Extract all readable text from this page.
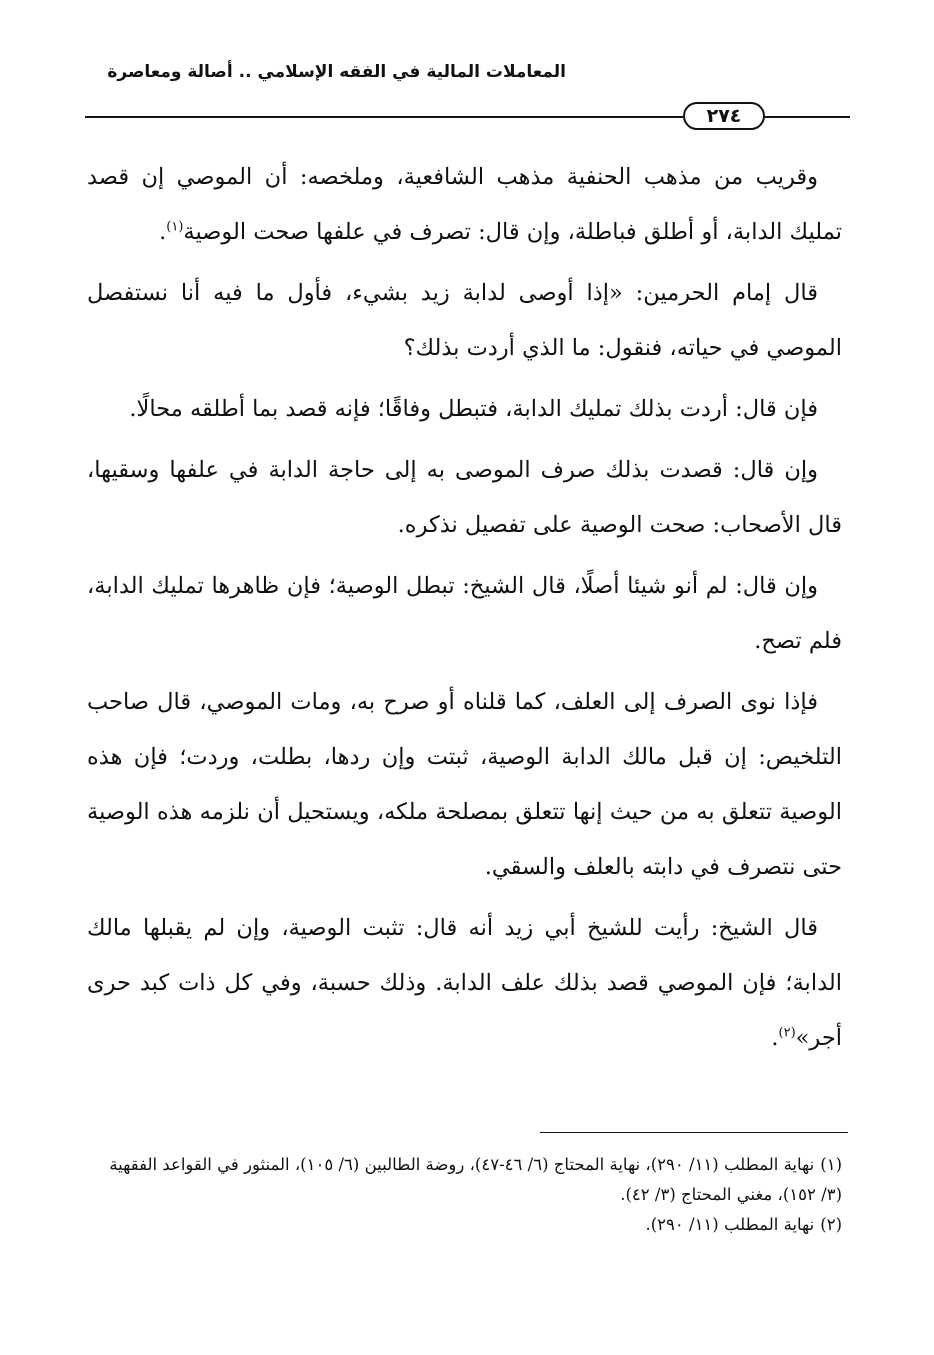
المعاملات المالية في الفقه الإسلامي .. أصالة ومعاصرة
٢٧٤

وقريب من مذهب الحنفية مذهب الشافعية، وملخصه: أن الموصي إن قصد تمليك الدابة، أو أطلق فباطلة، وإن قال: تصرف في علفها صحت الوصية$^{(١)}$.

قال إمام الحرمين: «إذا أوصى لدابة زيد بشيء، فأول ما فيه أنا نستفصل الموصي في حياته، فنقول: ما الذي أردت بذلك؟

فإن قال: أردت بذلك تمليك الدابة، فتبطل وفاقًا؛ فإنه قصد بما أطلقه محالًا.

وإن قال: قصدت بذلك صرف الموصى به إلى حاجة الدابة في علفها وسقيها، قال الأصحاب: صحت الوصية على تفصيل نذكره.

وإن قال: لم أنو شيئا أصلًا، قال الشيخ: تبطل الوصية؛ فإن ظاهرها تمليك الدابة، فلم تصح.

فإذا نوى الصرف إلى العلف، كما قلناه أو صرح به، ومات الموصي، قال صاحب التلخيص: إن قبل مالك الدابة الوصية، ثبتت وإن ردها، بطلت، وردت؛ فإن هذه الوصية تتعلق به من حيث إنها تتعلق بمصلحة ملكه، ويستحيل أن نلزمه هذه الوصية حتى نتصرف في دابته بالعلف والسقي.

قال الشيخ: رأيت للشيخ أبي زيد أنه قال: تثبت الوصية، وإن لم يقبلها مالك الدابة؛ فإن الموصي قصد بذلك علف الدابة. وذلك حسبة، وفي كل ذات كبد حرى أجر»$^{(٢)}$.

(١)نهاية المطلب (١١/ ٢٩٠)، نهاية المحتاج (٦/ ٤٦-٤٧)، روضة الطالبين (٦/ ١٠٥)، المنثور في القواعد الفقهية (٣/ ١٥٢)، مغني المحتاج (٣/ ٤٢).

(٢)نهاية المطلب (١١/ ٢٩٠).
